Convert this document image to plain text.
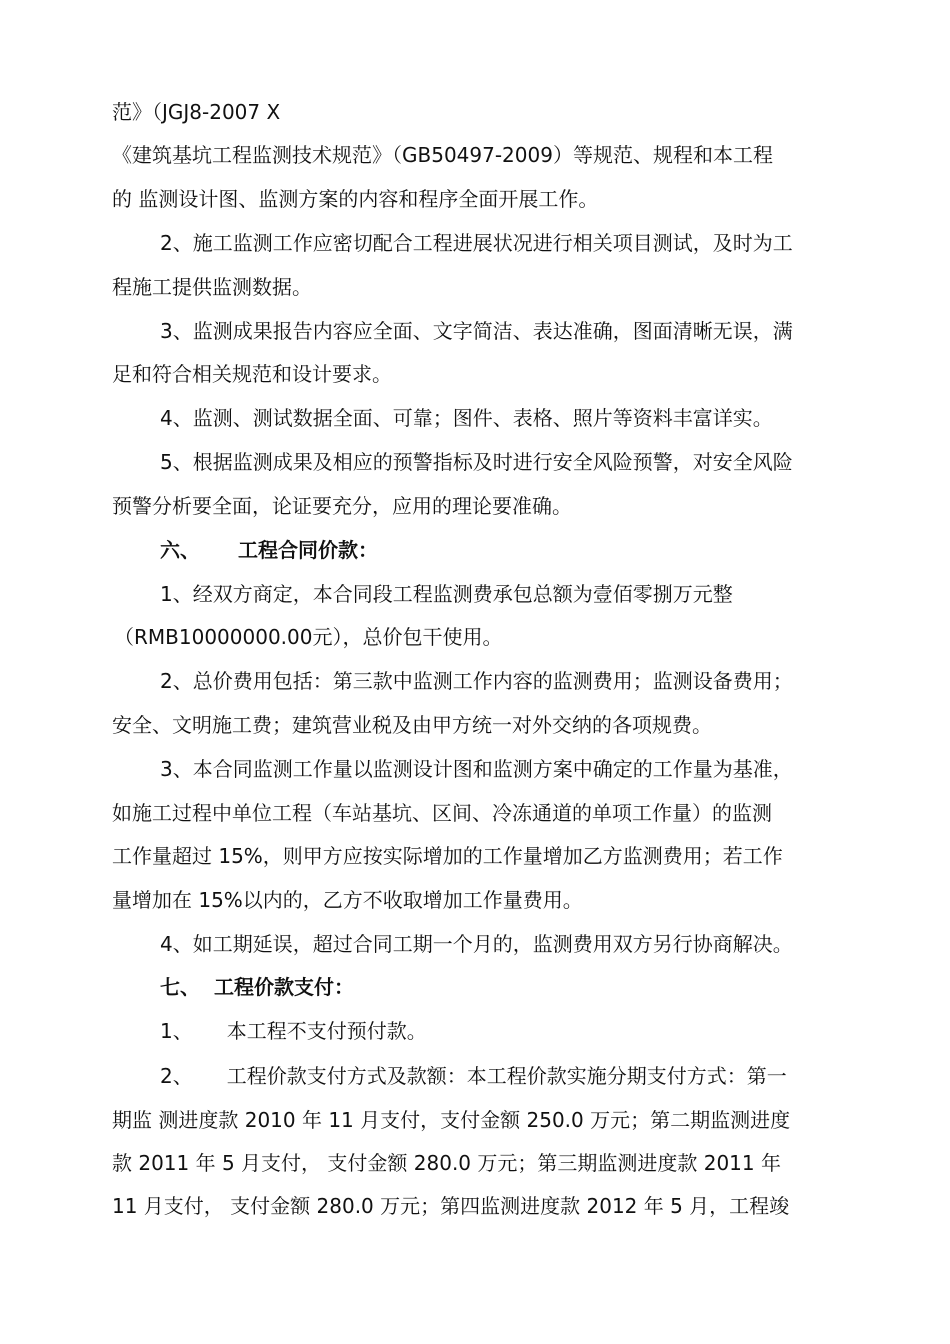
范》（JGJ8-2007 X

《建筑基坑工程监测技术规范》（GB50497-2009）等规范、规程和本工程

的 监测设计图、监测方案的内容和程序全面开展工作。

2、施工监测工作应密切配合工程进展状况进行相关项目测试，及时为工

程施工提供监测数据。

3、监测成果报告内容应全面、文字简洁、表达准确，图面清晰无误，满

足和符合相关规范和设计要求。

4、监测、测试数据全面、可靠；图件、表格、照片等资料丰富详实。

5、根据监测成果及相应的预警指标及时进行安全风险预警，对安全风险

预警分析要全面，论证要充分，应用的理论要准确。

六、 工程合同价款：

1、经双方商定，本合同段工程监测费承包总额为壹佰零捌万元整

（RMB10000000.00元），总价包干使用。

2、总价费用包括：第三款中监测工作内容的监测费用；监测设备费用；

安全、文明施工费；建筑营业税及由甲方统一对外交纳的各项规费。

3、本合同监测工作量以监测设计图和监测方案中确定的工作量为基准，

如施工过程中单位工程（车站基坑、区间、冷冻通道的单项工作量）的监测

工作量超过 15%，则甲方应按实际增加的工作量增加乙方监测费用；若工作

量增加在 15%以内的，乙方不收取增加工作量费用。

4、如工期延误，超过合同工期一个月的，监测费用双方另行协商解决。

七、 工程价款支付：

1、 本工程不支付预付款。

2、 工程价款支付方式及款额：本工程价款实施分期支付方式：第一

期监 测进度款 2010 年 11 月支付，支付金额 250.0 万元；第二期监测进度

款 2011 年 5 月支付， 支付金额 280.0 万元；第三期监测进度款 2011 年

11 月支付， 支付金额 280.0 万元；第四监测进度款 2012 年 5 月，工程竣
